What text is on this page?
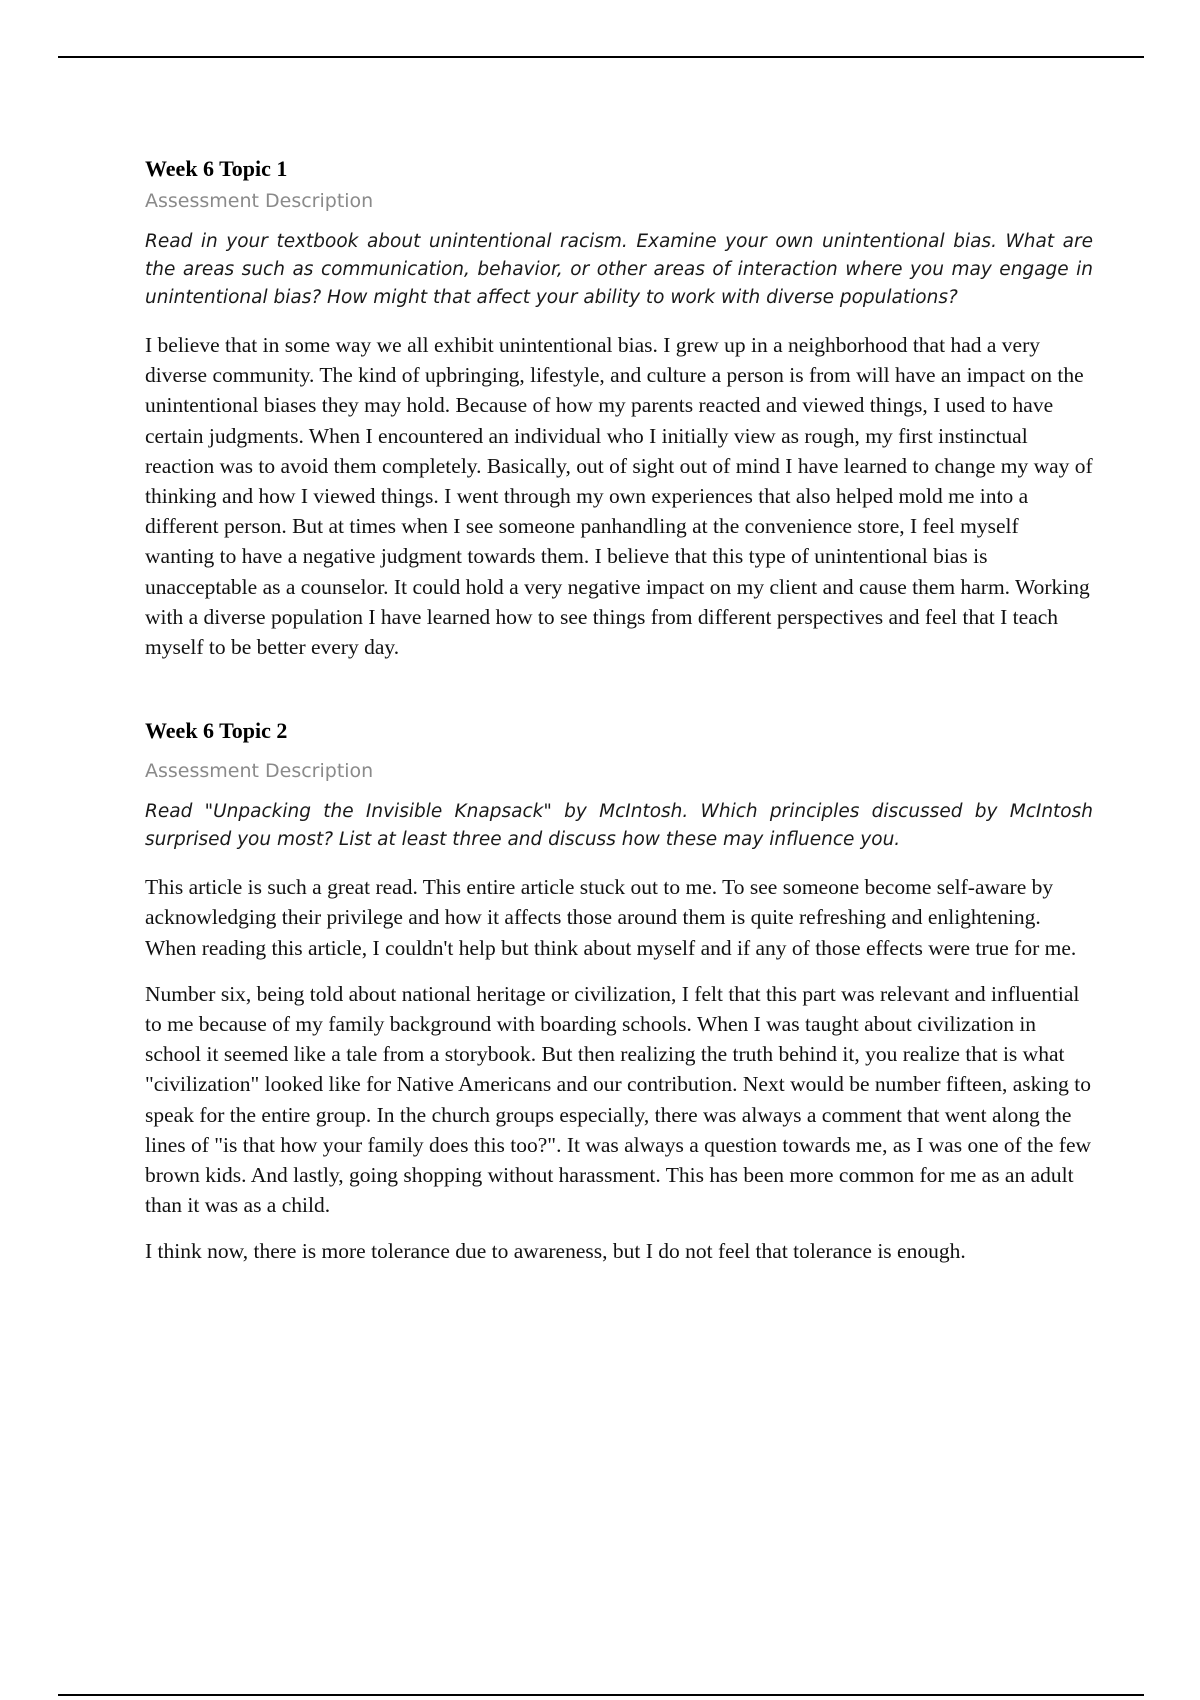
Week 6 Topic 1

Assessment Description

Read in your textbook about unintentional racism. Examine your own unintentional bias. What are the areas such as communication, behavior, or other areas of interaction where you may engage in unintentional bias? How might that affect your ability to work with diverse populations?

I believe that in some way we all exhibit unintentional bias. I grew up in a neighborhood that had a very diverse community. The kind of upbringing, lifestyle, and culture a person is from will have an impact on the unintentional biases they may hold. Because of how my parents reacted and viewed things, I used to have certain judgments. When I encountered an individual who I initially view as rough, my first instinctual reaction was to avoid them completely. Basically, out of sight out of mind I have learned to change my way of thinking and how I viewed things. I went through my own experiences that also helped mold me into a different person. But at times when I see someone panhandling at the convenience store, I feel myself wanting to have a negative judgment towards them. I believe that this type of unintentional bias is unacceptable as a counselor. It could hold a very negative impact on my client and cause them harm. Working with a diverse population I have learned how to see things from different perspectives and feel that I teach myself to be better every day.

Week 6 Topic 2

Assessment Description

Read "Unpacking the Invisible Knapsack" by McIntosh. Which principles discussed by McIntosh surprised you most? List at least three and discuss how these may influence you.

This article is such a great read. This entire article stuck out to me. To see someone become self-aware by acknowledging their privilege and how it affects those around them is quite refreshing and enlightening. When reading this article, I couldn't help but think about myself and if any of those effects were true for me.

Number six, being told about national heritage or civilization, I felt that this part was relevant and influential to me because of my family background with boarding schools. When I was taught about civilization in school it seemed like a tale from a storybook. But then realizing the truth behind it, you realize that is what "civilization" looked like for Native Americans and our contribution. Next would be number fifteen, asking to speak for the entire group. In the church groups especially, there was always a comment that went along the lines of "is that how your family does this too?". It was always a question towards me, as I was one of the few brown kids. And lastly, going shopping without harassment. This has been more common for me as an adult than it was as a child.

I think now, there is more tolerance due to awareness, but I do not feel that tolerance is enough.
